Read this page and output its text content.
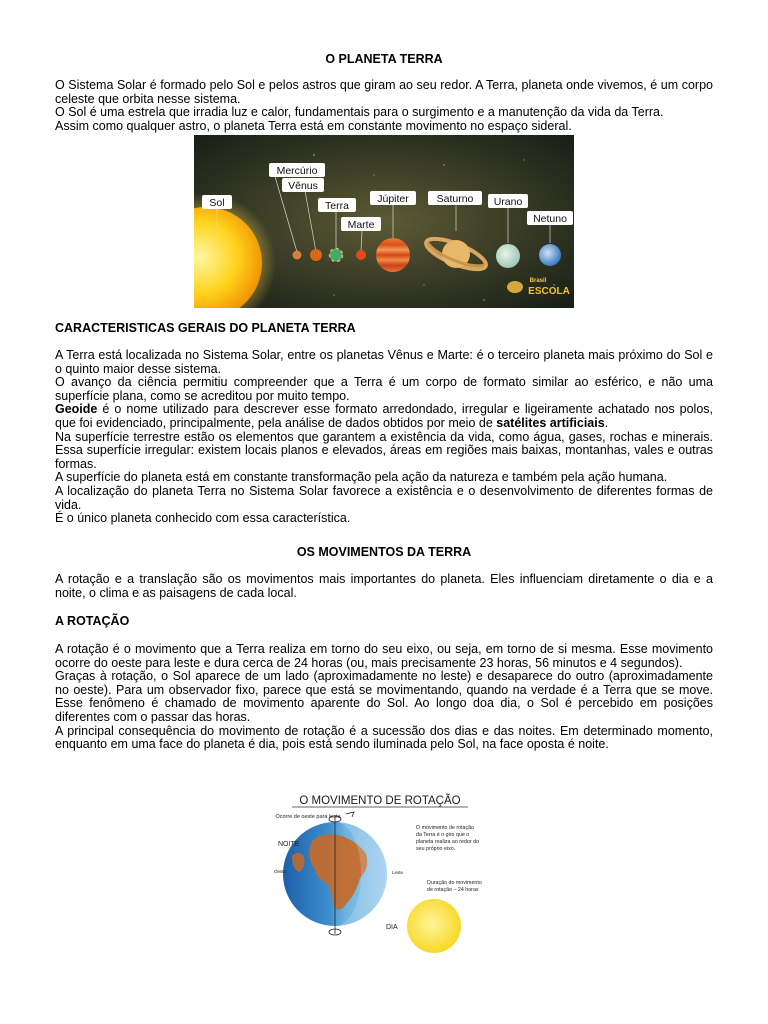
O PLANETA TERRA

O Sistema Solar é formado pelo Sol e pelos astros que giram ao seu redor. A Terra, planeta onde vivemos, é um corpo celeste que orbita nesse sistema.

O Sol é uma estrela que irradia luz e calor, fundamentais para o surgimento e a manutenção da vida da Terra.

Assim como qualquer astro, o planeta Terra está em constante movimento no espaço sideral.

Sol
Mercúrio
Vênus
Terra
Marte
Júpiter	Saturno Urano
Netuno
Brasil
ESCOLA
CARACTERISTICAS GERAIS DO PLANETA TERRA

A Terra está localizada no Sistema Solar, entre os planetas Vênus e Marte: é o terceiro planeta mais próximo do Sol e o quinto maior desse sistema.

O avanço da ciência permitiu compreender que a Terra é um corpo de formato similar ao esférico, e não uma superfície plana, como se acreditou por muito tempo.

Geoide é o nome utilizado para descrever esse formato arredondado, irregular e ligeiramente achatado nos polos, que foi evidenciado, principalmente, pela análise de dados obtidos por meio de satélites artificiais.

Na superfície terrestre estão os elementos que garantem a existência da vida, como água, gases, rochas e minerais. Essa superfície irregular: existem locais planos e elevados, áreas em regiões mais baixas, montanhas, vales e outras formas.

A superfície do planeta está em constante transformação pela ação da natureza e também pela ação humana.

A localização do planeta Terra no Sistema Solar favorece a existência e o desenvolvimento de diferentes formas de vida.

É o único planeta conhecido com essa característica.

OS MOVIMENTOS DA TERRA

A rotação e a translação são os movimentos mais importantes do planeta. Eles influenciam diretamente o dia e a noite, o clima e as paisagens de cada local.

A ROTAÇÃO

A rotação é o movimento que a Terra realiza em torno do seu eixo, ou seja, em torno de si mesma. Esse movimento ocorre do oeste para leste e dura cerca de 24 horas (ou, mais precisamente 23 horas, 56 minutos e 4 segundos).

Graças à rotação, o Sol aparece de um lado (aproximadamente no leste) e desaparece do outro (aproximadamente no oeste). Para um observador fixo, parece que está se movimentando, quando na verdade é a Terra que se move. Esse fenômeno é chamado de movimento aparente do Sol. Ao longo doa dia, o Sol é percebido em posições diferentes com o passar das horas.

A principal consequência do movimento de rotação é a sucessão dos dias e das noites. Em determinado momento, enquanto em uma face do planeta é dia, pois está sendo iluminada pelo Sol, na face oposta é noite.

O MOVIMENTO DE ROTAÇÃO
Ocorre de oeste para leste
NOITE
DIA
Oeste	Leste
O movimento de rotação
da Terra é o giro que o
planeta realiza ao redor do
seu próprio eixo.
Duração do movimento
de rotação – 24 horas
